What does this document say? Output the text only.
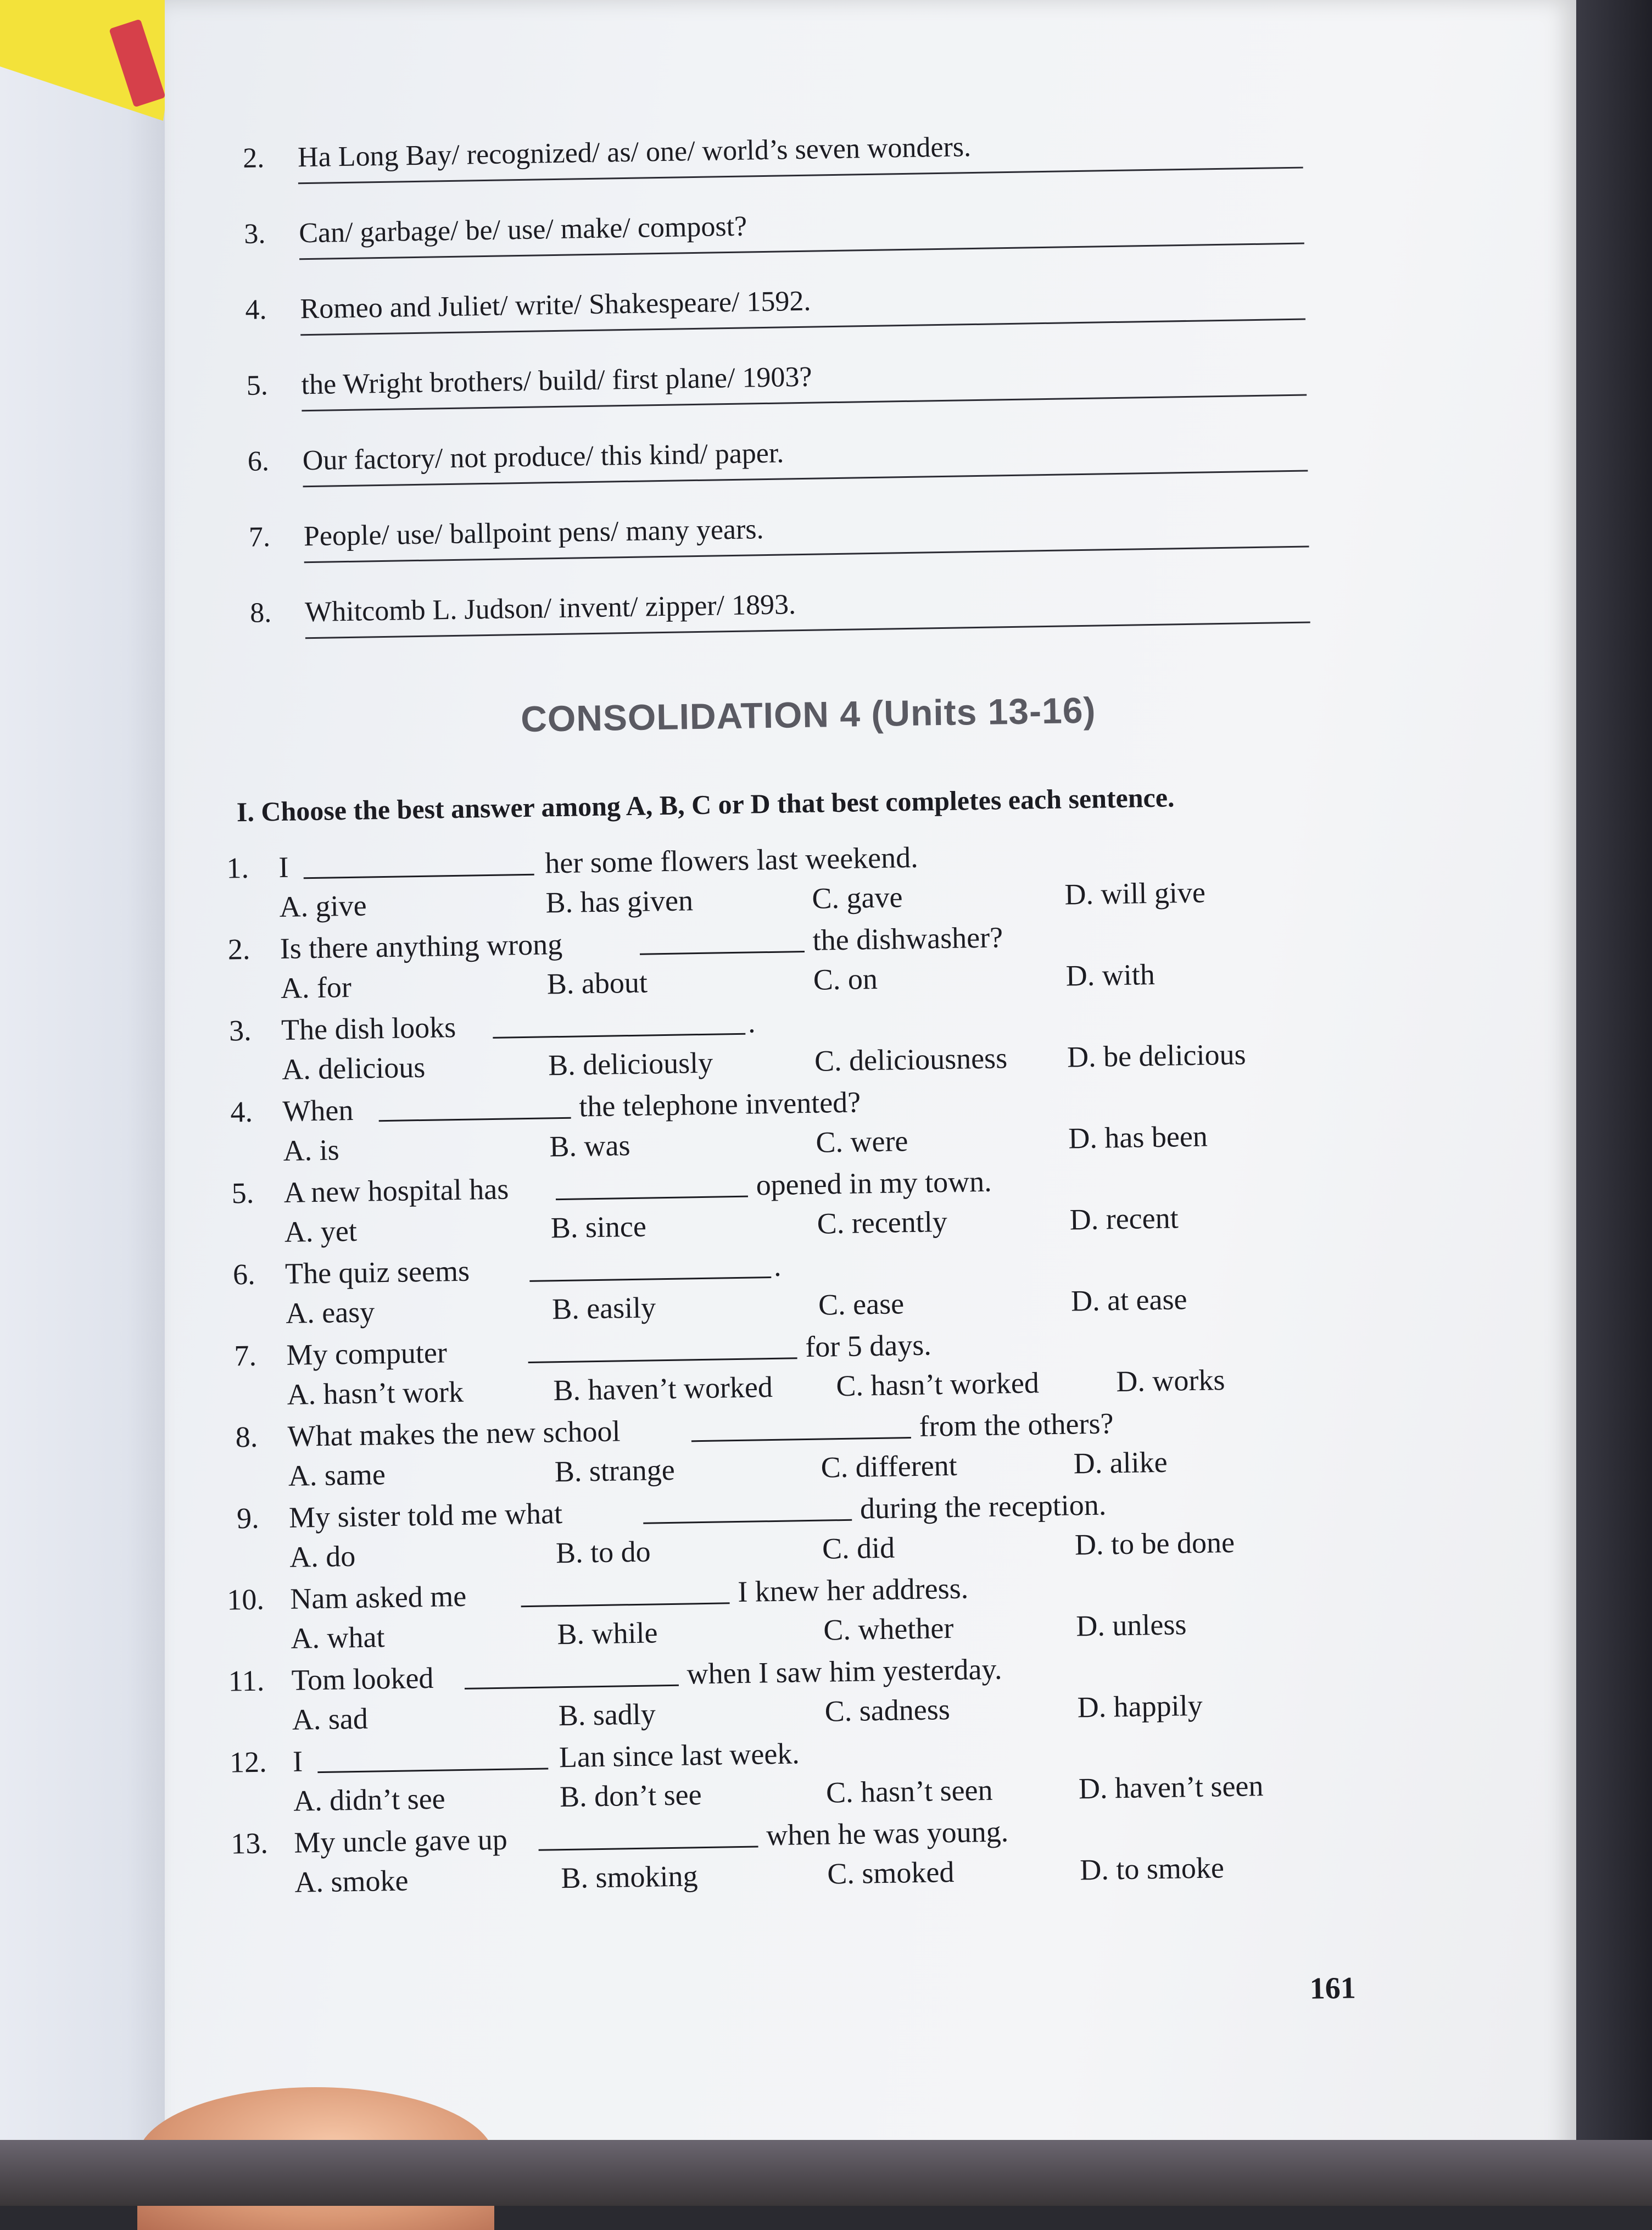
2. Ha Long Bay/ recognized/ as/ one/ world’s seven wonders.
3. Can/ garbage/ be/ use/ make/ compost?
4. Romeo and Juliet/ write/ Shakespeare/ 1592.
5. the Wright brothers/ build/ first plane/ 1903?
6. Our factory/ not produce/ this kind/ paper.
7. People/ use/ ballpoint pens/ many years.
8. Whitcomb L. Judson/ invent/ zipper/ 1893.
CONSOLIDATION 4 (Units 13-16)
I. Choose the best answer among A, B, C or D that best completes each sentence.
1. I	her some flowers last weekend.
A. give	B. has given	C. gave	D. will give
2. Is there anything wrong	the dishwasher?
A. for	B. about	C. on	D. with
3. The dish looks	.
A. delicious	B. deliciously	C. deliciousness D. be delicious
4. When	the telephone invented?
A. is	B. was	C. were	D. has been
5. A new hospital has	opened in my town.
A. yet	B. since	C. recently	D. recent
6. The quiz seems	.
A. easy	B. easily	C. ease	D. at ease
7. My computer	for 5 days.
A. hasn’t work	B. haven’t worked C. hasn’t worked	D. works
8. What makes the new school	from the others?
A. same	B. strange	C. different	D. alike
9. My sister told me what	during the reception.
A. do	B. to do	C. did	D. to be done
10. Nam asked me	I knew her address.
A. what	B. while	C. whether	D. unless
11. Tom looked	when I saw him yesterday.
A. sad	B. sadly	C. sadness	D. happily
12. I	Lan since last week.
A. didn’t see	B. don’t see	C. hasn’t seen	D. haven’t seen
13. My uncle gave up	when he was young.
A. smoke	B. smoking	C. smoked	D. to smoke
161
